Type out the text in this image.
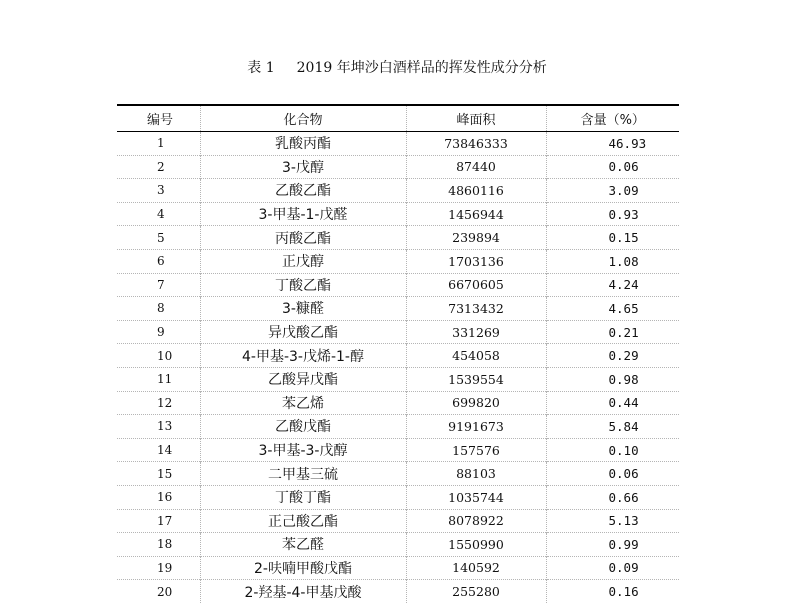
表 1 2019 年坤沙白酒样品的挥发性成分分析
编号	化合物	峰面积	含量（%）
1	乳酸丙酯	73846333	46.93
2	3-戊醇	87440	0.06
3	乙酸乙酯	4860116	3.09
4	3-甲基-1-戊醛	1456944	0.93
5	丙酸乙酯	239894	0.15
6	正戊醇	1703136	1.08
7	丁酸乙酯	6670605	4.24
8	3-糠醛	7313432	4.65
9	异戊酸乙酯	331269	0.21
10	4-甲基-3-戊烯-1-醇	454058	0.29
11	乙酸异戊酯	1539554	0.98
12	苯乙烯	699820	0.44
13	乙酸戊酯	9191673	5.84
14	3-甲基-3-戊醇	157576	0.10
15	二甲基三硫	88103	0.06
16	丁酸丁酯	1035744	0.66
17	正己酸乙酯	8078922	5.13
18	苯乙醛	1550990	0.99
19	2-呋喃甲酸戊酯	140592	0.09
20	2-羟基-4-甲基戊酸	255280	0.16
